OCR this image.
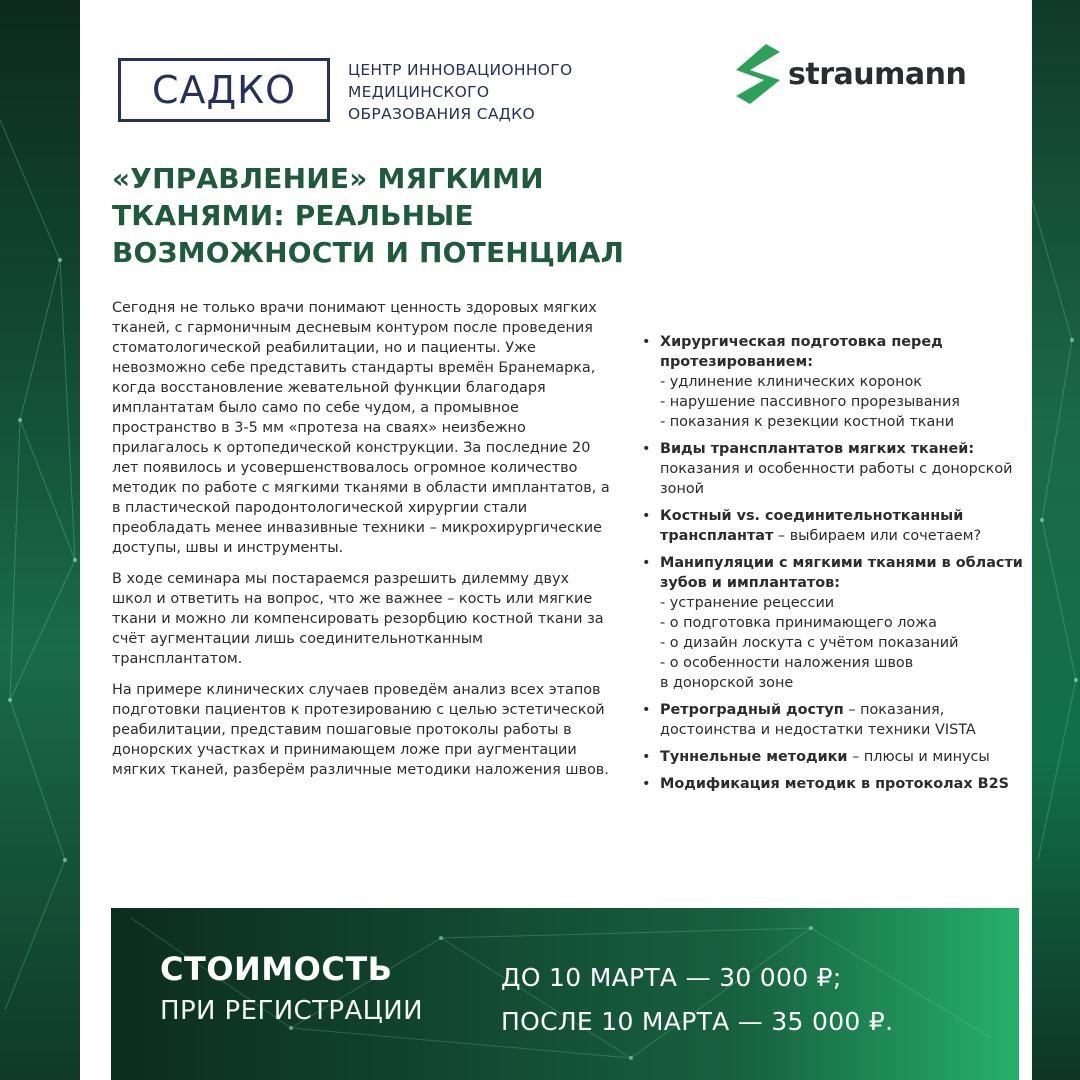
САДКО	ЦЕНТР ИННОВАЦИОННОГО
МЕДИЦИНСКОГО
ОБРАЗОВАНИЯ САДКО
straumann
«УПРАВЛЕНИЕ» МЯГКИМИ
ТКАНЯМИ: РЕАЛЬНЫЕ
ВОЗМОЖНОСТИ И ПОТЕНЦИАЛ

Сегодня не только врачи понимают ценность здоровых мягких тканей, с гармоничным десневым контуром после проведения стоматологической реабилитации, но и пациенты. Уже невозможно себе представить стандарты времён Бранемарка, когда восстановление жевательной функции благодаря имплантатам было само по себе чудом, а промывное пространство в 3-5 мм «протеза на сваях» неизбежно прилагалось к ортопедической конструкции. За последние 20 лет появилось и усовершенствовалось огромное количество методик по работе с мягкими тканями в области имплантатов, а в пластической пародонтологической хирургии стали преобладать менее инвазивные техники – микрохирургические доступы, швы и инструменты.

В ходе семинара мы постараемся разрешить дилемму двух школ и ответить на вопрос, что же важнее – кость или мягкие ткани и можно ли компенсировать резорбцию костной ткани за счёт аугментации лишь соединительнотканным трансплантатом.

На примере клинических случаев проведём анализ всех этапов подготовки пациентов к протезированию с целью эстетической реабилитации, представим пошаговые протоколы работы в донорских участках и принимающем ложе при аугментации мягких тканей, разберём различные методики наложения швов.

• Хирургическая подготовка перед протезированием:
- удлинение клинических коронок
- нарушение пассивного прорезывания
- показания к резекции костной ткани
• Виды трансплантатов мягких тканей:
показания и особенности работы с донорской зоной
• Костный vs. соединительнотканный трансплантат – выбираем или сочетаем?
• Манипуляции с мягкими тканями в области зубов и имплантатов:
- устранение рецессии
- о подготовка принимающего ложа
- о дизайн лоскута с учётом показаний
- о особенности наложения швов
в донорской зоне
• Ретроградный доступ – показания, достоинства и недостатки техники VISTA
• Туннельные методики – плюсы и минусы
• Модификация методик в протоколах B2S
СТОИМОСТЬ
ПРИ РЕГИСТРАЦИИ
ДО 10 МАРТА — 30 000 ₽;
ПОСЛЕ 10 МАРТА — 35 000 ₽.
